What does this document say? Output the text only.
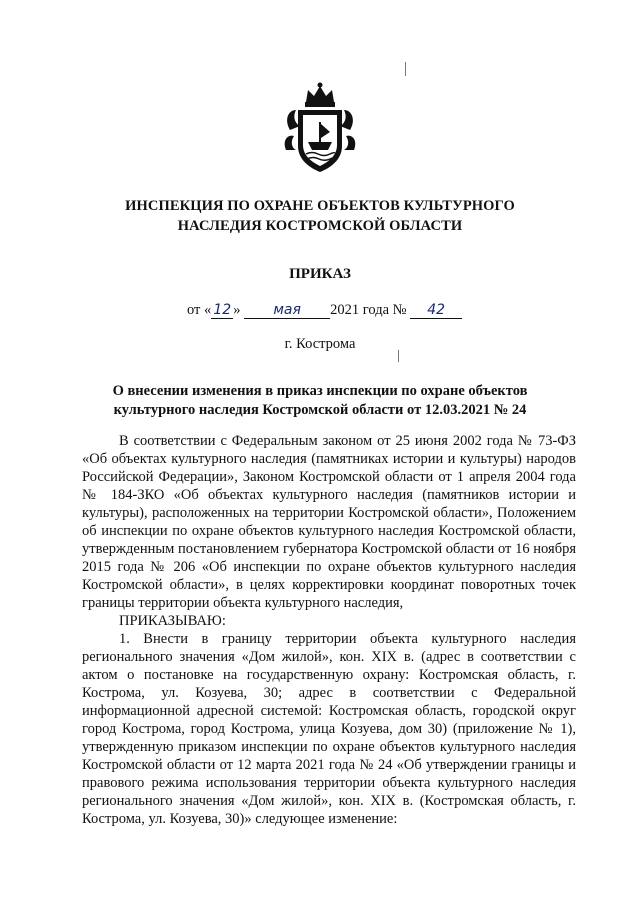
ИНСПЕКЦИЯ ПО ОХРАНЕ ОБЪЕКТОВ КУЛЬТУРНОГО
НАСЛЕДИЯ КОСТРОМСКОЙ ОБЛАСТИ
ПРИКАЗ
от « 12 » мая 2021 года № 42
г. Кострома
О внесении изменения в приказ инспекции по охране объектов
культурного наследия Костромской области от 12.03.2021 № 24

В соответствии с Федеральным законом от 25 июня 2002 года № 73-ФЗ «Об объектах культурного наследия (памятниках истории и культуры) народов Российской Федерации», Законом Костромской области от 1 апреля 2004 года № 184-ЗКО «Об объектах культурного наследия (памятников истории и культуры), расположенных на территории Костромской области», Положением об инспекции по охране объектов культурного наследия Костромской области, утвержденным постановлением губернатора Костромской области от 16 ноября 2015 года № 206 «Об инспекции по охране объектов культурного наследия Костромской области», в целях корректировки координат поворотных точек границы территории объекта культурного наследия,

ПРИКАЗЫВАЮ:

1. Внести в границу территории объекта культурного наследия регионального значения «Дом жилой», кон. XIX в. (адрес в соответствии с актом о постановке на государственную охрану: Костромская область, г. Кострома, ул. Козуева, 30; адрес в соответствии с Федеральной информационной адресной системой: Костромская область, городской округ город Кострома, город Кострома, улица Козуева, дом 30) (приложение № 1), утвержденную приказом инспекции по охране объектов культурного наследия Костромской области от 12 марта 2021 года № 24 «Об утверждении границы и правового режима использования территории объекта культурного наследия регионального значения «Дом жилой», кон. XIX в. (Костромская область, г. Кострома, ул. Козуева, 30)» следующее изменение:
